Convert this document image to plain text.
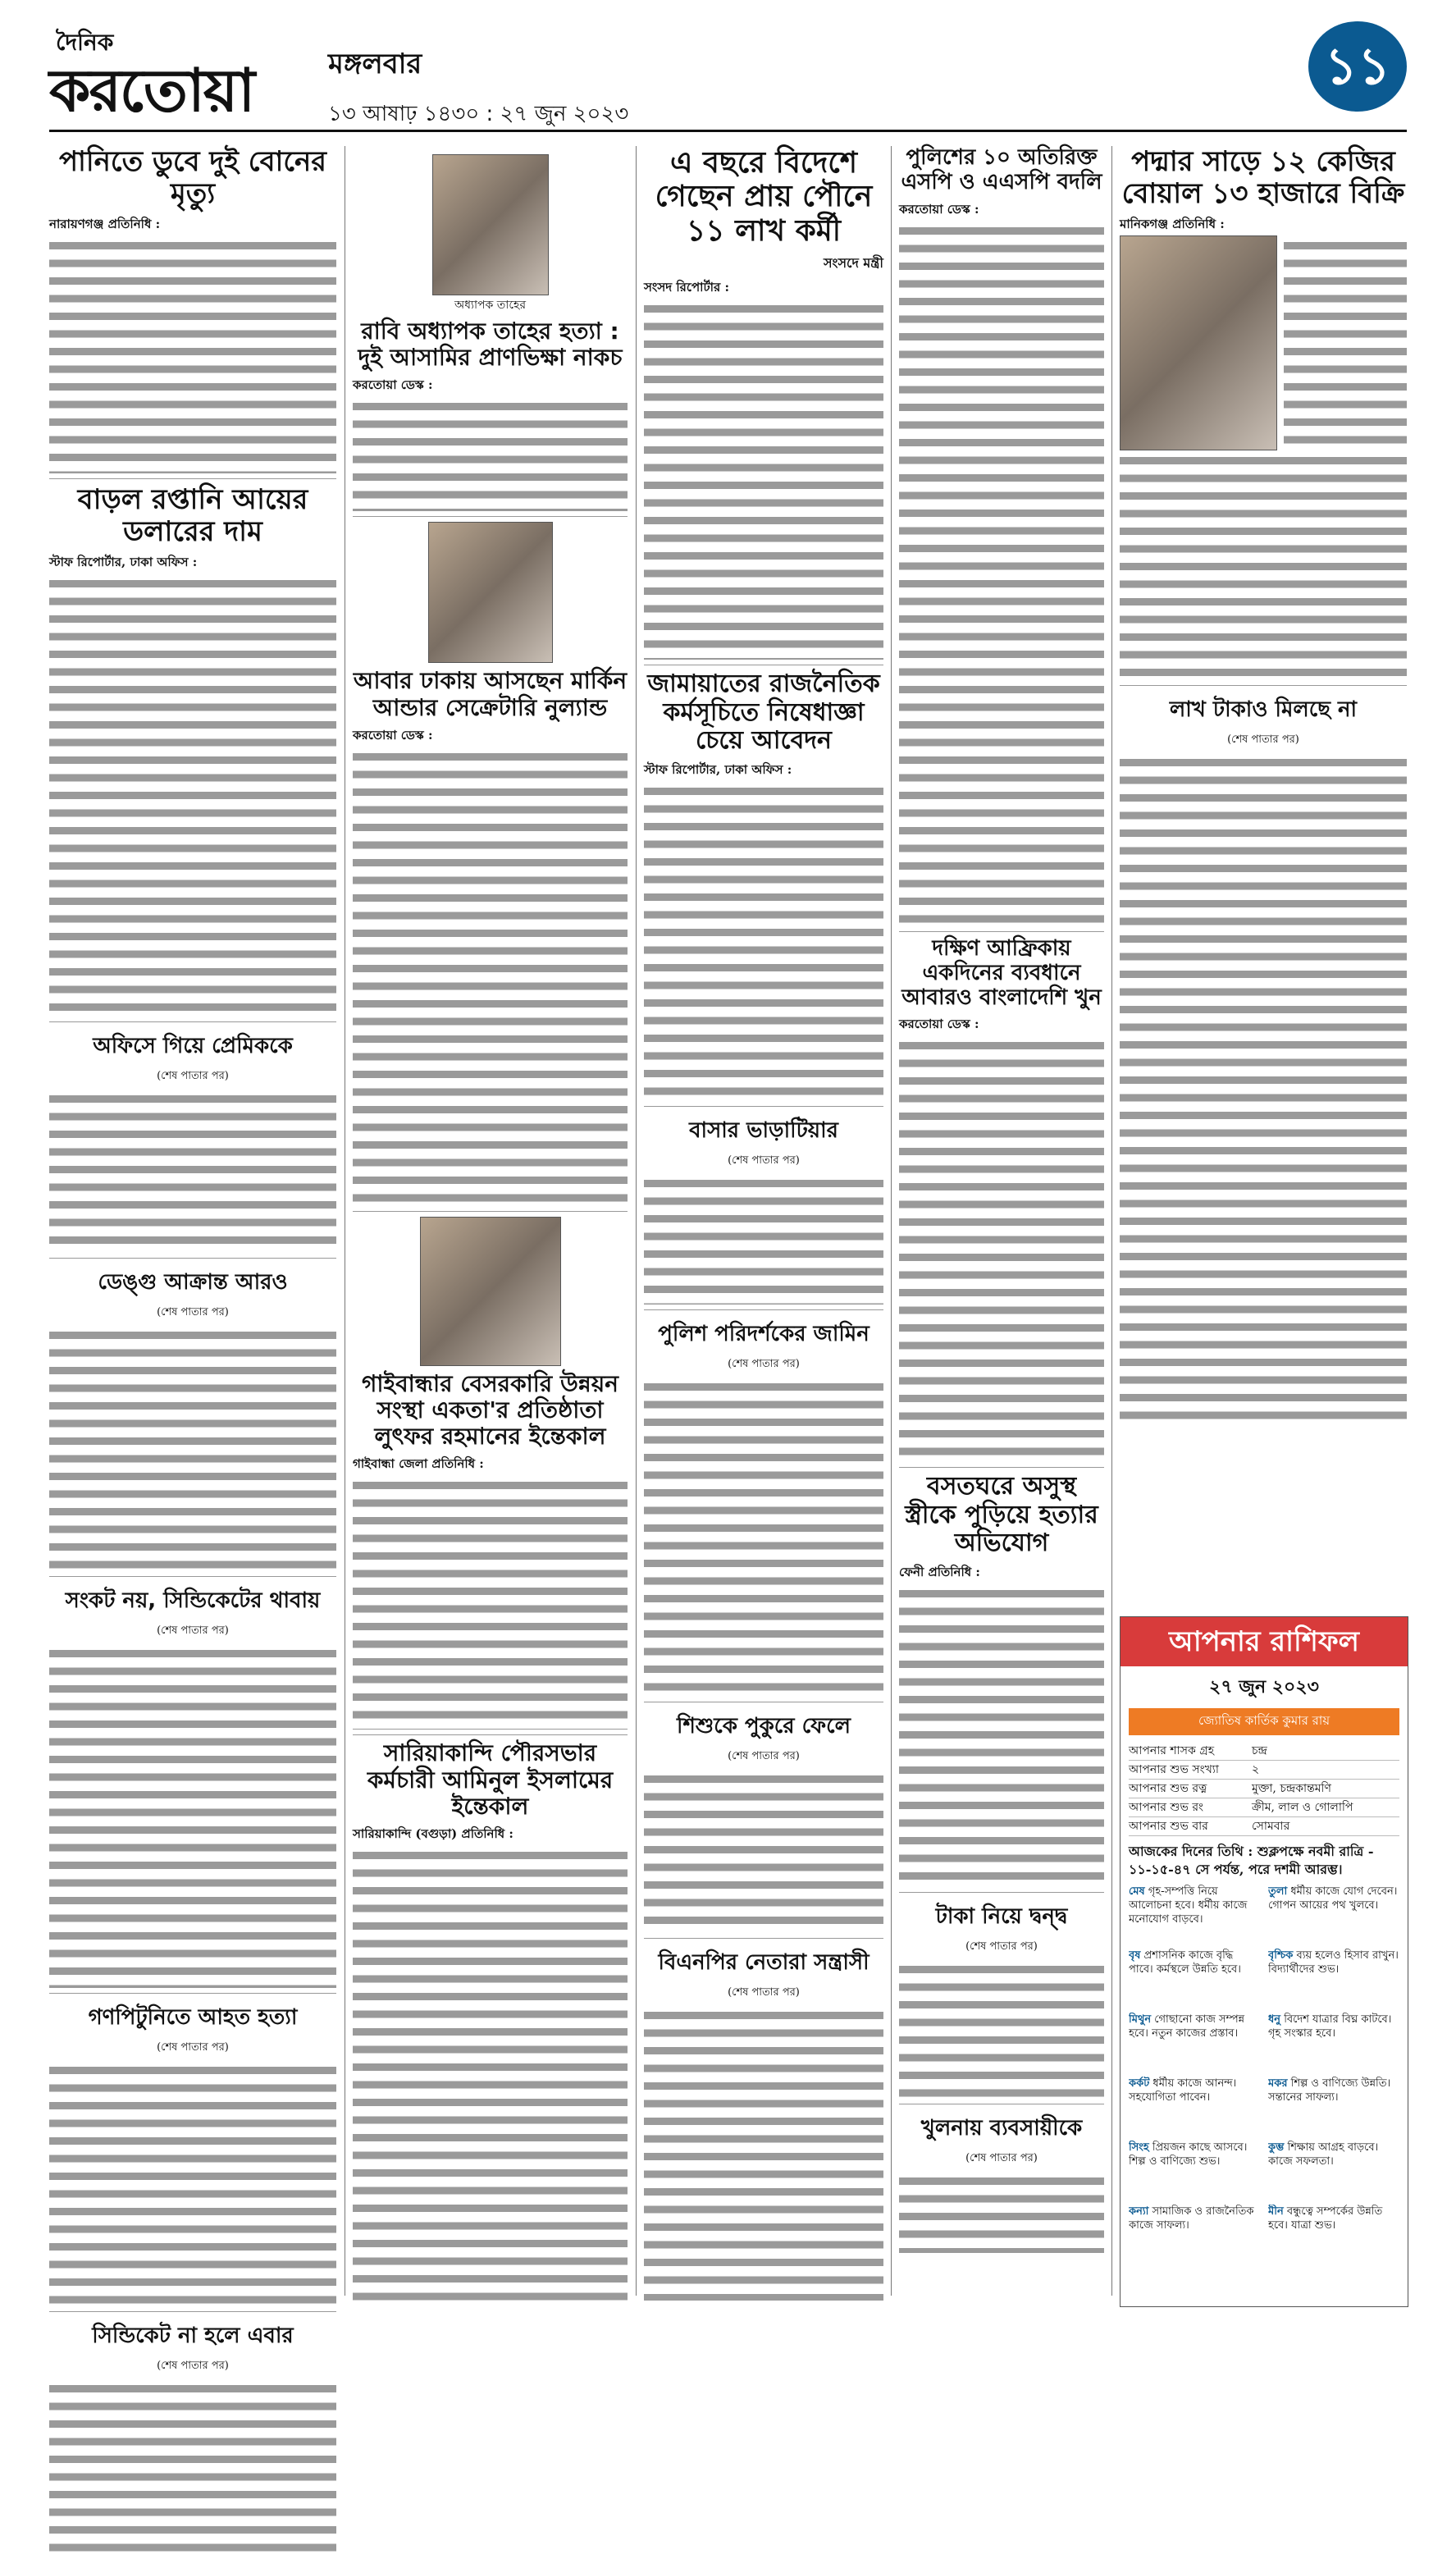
দৈনিক
করতোয়া	মঙ্গলবার
১৩ আষাঢ় ১৪৩০ : ২৭ জুন ২০২৩
১১
পানিতে ডুবে দুই বোনের মৃত্যু
নারায়ণগঞ্জ প্রতিনিধি :
বাড়ল রপ্তানি আয়ের ডলারের দাম
স্টাফ রিপোর্টার, ঢাকা অফিস :
অফিসে গিয়ে প্রেমিককে
(শেষ পাতার পর)
ডেঙ্গু আক্রান্ত আরও
(শেষ পাতার পর)
সংকট নয়, সিন্ডিকেটের থাবায়
(শেষ পাতার পর)
গণপিটুনিতে আহত হত্যা
(শেষ পাতার পর)
সিন্ডিকেট না হলে এবার
(শেষ পাতার পর)
অধ্যাপক তাহের
রাবি অধ্যাপক তাহের হত্যা : দুই আসামির প্রাণভিক্ষা নাকচ
করতোয়া ডেস্ক :
আবার ঢাকায় আসছেন মার্কিন আন্ডার সেক্রেটারি নুল্যান্ড
করতোয়া ডেস্ক :
গাইবান্ধার বেসরকারি উন্নয়ন সংস্থা একতা'র প্রতিষ্ঠাতা লুৎফর রহমানের ইন্তেকাল
গাইবান্ধা জেলা প্রতিনিধি :
সারিয়াকান্দি পৌরসভার কর্মচারী আমিনুল ইসলামের ইন্তেকাল
সারিয়াকান্দি (বগুড়া) প্রতিনিধি :
এ বছরে বিদেশে গেছেন প্রায় পৌনে ১১ লাখ কর্মী
সংসদে মন্ত্রী
সংসদ রিপোর্টার :
জামায়াতের রাজনৈতিক কর্মসূচিতে নিষেধাজ্ঞা চেয়ে আবেদন
স্টাফ রিপোর্টার, ঢাকা অফিস :
বাসার ভাড়াটিয়ার
(শেষ পাতার পর)
পুলিশ পরিদর্শকের জামিন
(শেষ পাতার পর)
শিশুকে পুকুরে ফেলে
(শেষ পাতার পর)
বিএনপির নেতারা সন্ত্রাসী
(শেষ পাতার পর)
পুলিশের ১০ অতিরিক্ত এসপি ও এএসপি বদলি
করতোয়া ডেস্ক :
দক্ষিণ আফ্রিকায় একদিনের ব্যবধানে আবারও বাংলাদেশি খুন
করতোয়া ডেস্ক :
বসতঘরে অসুস্থ স্ত্রীকে পুড়িয়ে হত্যার অভিযোগ
ফেনী প্রতিনিধি :
টাকা নিয়ে দ্বন্দ্ব
(শেষ পাতার পর)
খুলনায় ব্যবসায়ীকে
(শেষ পাতার পর)
পদ্মার সাড়ে ১২ কেজির বোয়াল ১৩ হাজারে বিক্রি
মানিকগঞ্জ প্রতিনিধি :
লাখ টাকাও মিলছে না
(শেষ পাতার পর)
আপনার রাশিফল
২৭ জুন ২০২৩
জ্যোতিষ কার্তিক কুমার রায়
আপনার শাসক গ্রহ	চন্দ্র
আপনার শুভ সংখ্যা	২
আপনার শুভ রত্ন	মুক্তা, চন্দ্রকান্তমণি
আপনার শুভ রং	ক্রীম, লাল ও গোলাপি
আপনার শুভ বার	সোমবার
আজকের দিনের তিথি : শুক্লপক্ষে নবমী রাত্রি - ১১-১৫-৪৭ সে পর্যন্ত, পরে দশমী আরম্ভ।
মেষ গৃহ-সম্পত্তি নিয়ে আলোচনা হবে। ধর্মীয় কাজে মনোযোগ বাড়বে।
তুলা ধর্মীয় কাজে যোগ দেবেন। গোপন আয়ের পথ খুলবে।
বৃষ প্রশাসনিক কাজে বৃদ্ধি পাবে। কর্মস্থলে উন্নতি হবে।
বৃশ্চিক ব্যয় হলেও হিসাব রাখুন। বিদ্যার্থীদের শুভ।
মিথুন গোছানো কাজ সম্পন্ন হবে। নতুন কাজের প্রস্তাব।
ধনু বিদেশ যাত্রার বিঘ্ন কাটবে। গৃহ সংস্কার হবে।
কর্কট ধর্মীয় কাজে আনন্দ। সহযোগিতা পাবেন।
মকর শিল্প ও বাণিজ্যে উন্নতি। সন্তানের সাফল্য।
সিংহ প্রিয়জন কাছে আসবে। শিল্প ও বাণিজ্যে শুভ।
কুম্ভ শিক্ষায় আগ্রহ বাড়বে। কাজে সফলতা।
কন্যা সামাজিক ও রাজনৈতিক কাজে সাফল্য।
মীন বন্ধুত্বে সম্পর্কের উন্নতি হবে। যাত্রা শুভ।
